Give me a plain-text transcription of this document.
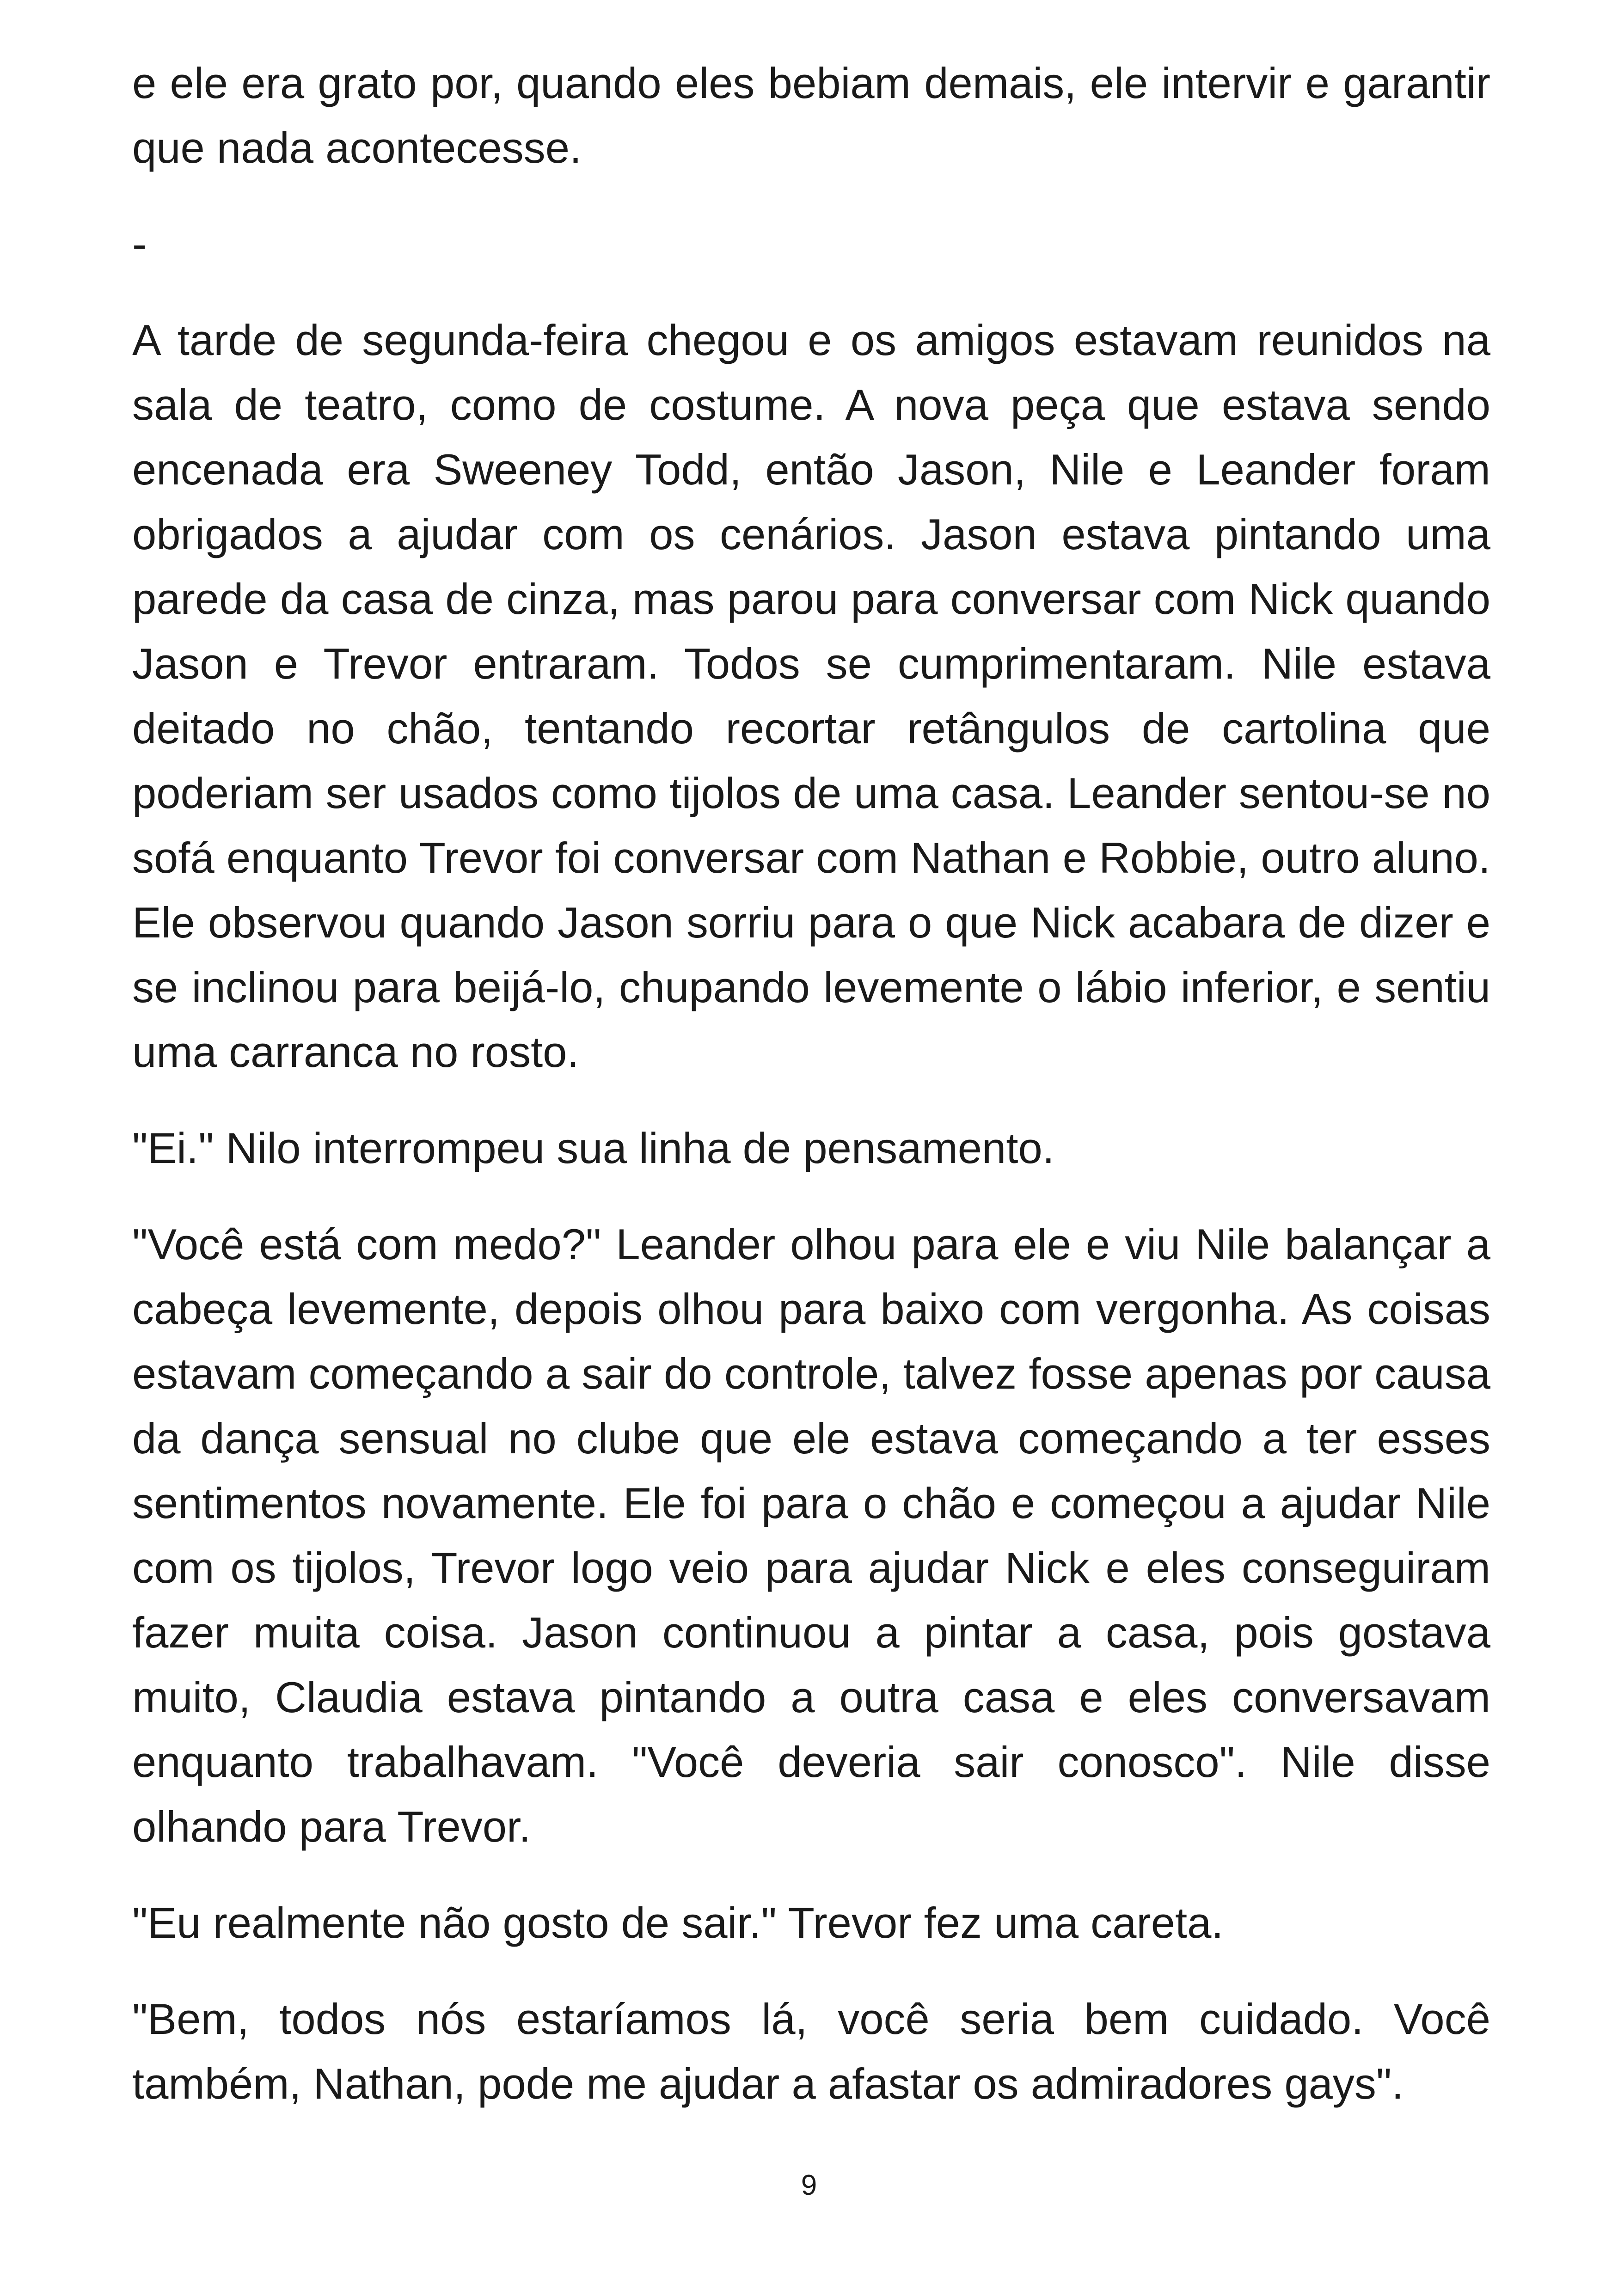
e ele era grato por, quando eles bebiam demais, ele intervir e garantir que nada acontecesse.

-

A tarde de segunda-feira chegou e os amigos estavam reunidos na sala de teatro, como de costume. A nova peça que estava sendo encenada era Sweeney Todd, então Jason, Nile e Leander foram obrigados a ajudar com os cenários. Jason estava pintando uma parede da casa de cinza, mas parou para conversar com Nick quando Jason e Trevor entraram. Todos se cumprimentaram. Nile estava deitado no chão, tentando recortar retângulos de cartolina que poderiam ser usados como tijolos de uma casa. Leander sentou-se no sofá enquanto Trevor foi conversar com Nathan e Robbie, outro aluno. Ele observou quando Jason sorriu para o que Nick acabara de dizer e se inclinou para beijá-lo, chupando levemente o lábio inferior, e sentiu uma carranca no rosto.

"Ei." Nilo interrompeu sua linha de pensamento.

"Você está com medo?" Leander olhou para ele e viu Nile balançar a cabeça levemente, depois olhou para baixo com vergonha. As coisas estavam começando a sair do controle, talvez fosse apenas por causa da dança sensual no clube que ele estava começando a ter esses sentimentos novamente. Ele foi para o chão e começou a ajudar Nile com os tijolos, Trevor logo veio para ajudar Nick e eles conseguiram fazer muita coisa. Jason continuou a pintar a casa, pois gostava muito, Claudia estava pintando a outra casa e eles conversavam enquanto trabalhavam. "Você deveria sair conosco". Nile disse olhando para Trevor.

"Eu realmente não gosto de sair." Trevor fez uma careta.

"Bem, todos nós estaríamos lá, você seria bem cuidado. Você também, Nathan, pode me ajudar a afastar os admiradores gays".

9
